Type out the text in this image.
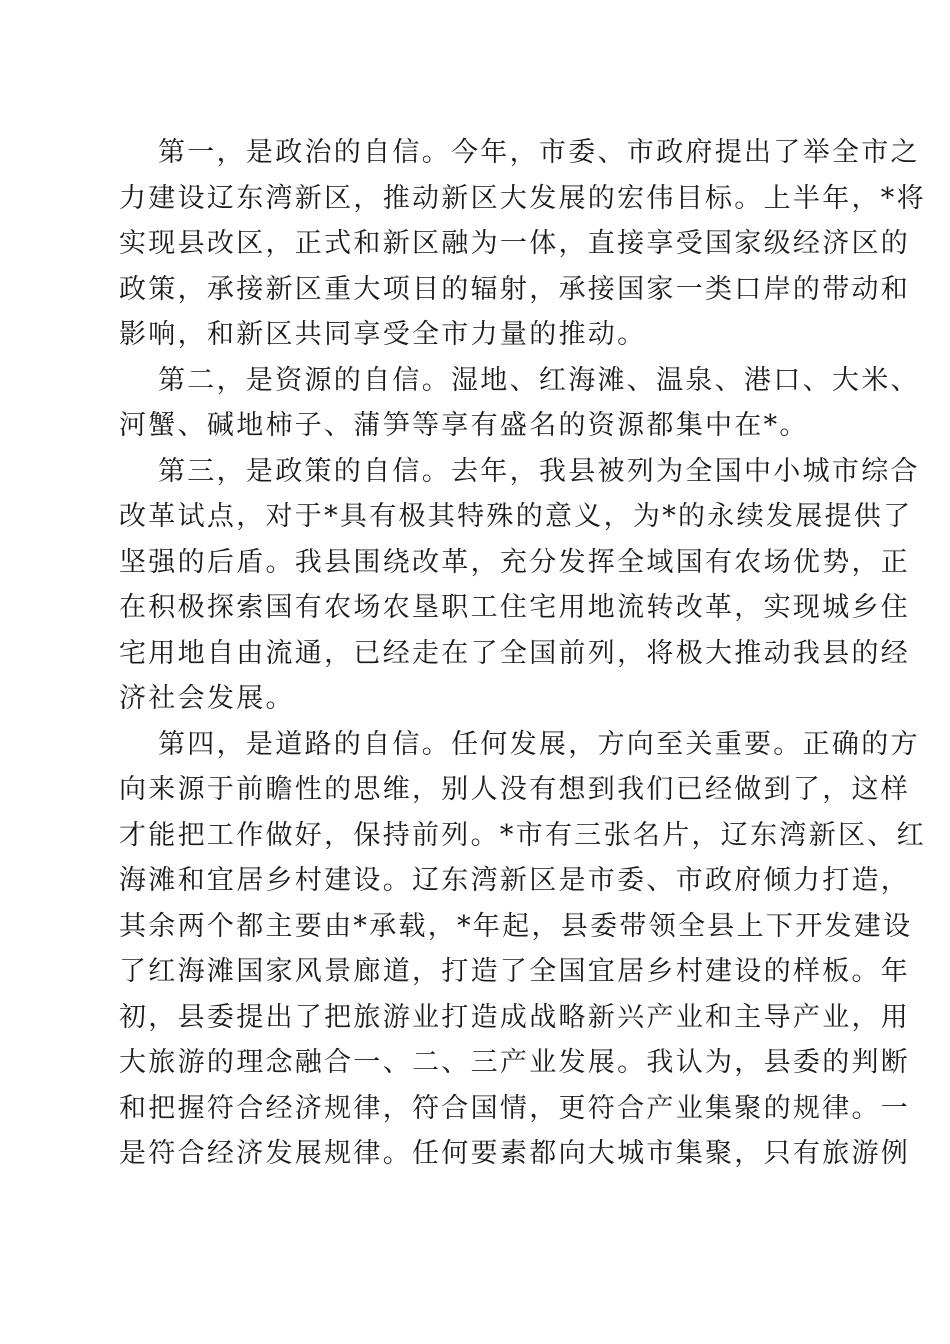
第一，是政治的自信。今年，市委、市政府提出了举全市之
力建设辽东湾新区，推动新区大发展的宏伟目标。上半年，*将
实现县改区，正式和新区融为一体，直接享受国家级经济区的
政策，承接新区重大项目的辐射，承接国家一类口岸的带动和
影响，和新区共同享受全市力量的推动。
第二，是资源的自信。湿地、红海滩、温泉、港口、大米、
河蟹、碱地柿子、蒲笋等享有盛名的资源都集中在*。
第三，是政策的自信。去年，我县被列为全国中小城市综合
改革试点，对于*具有极其特殊的意义，为*的永续发展提供了
坚强的后盾。我县围绕改革，充分发挥全域国有农场优势，正
在积极探索国有农场农垦职工住宅用地流转改革，实现城乡住
宅用地自由流通，已经走在了全国前列，将极大推动我县的经
济社会发展。
第四，是道路的自信。任何发展，方向至关重要。正确的方
向来源于前瞻性的思维，别人没有想到我们已经做到了，这样
才能把工作做好，保持前列。*市有三张名片，辽东湾新区、红
海滩和宜居乡村建设。辽东湾新区是市委、市政府倾力打造，
其余两个都主要由*承载，*年起，县委带领全县上下开发建设
了红海滩国家风景廊道，打造了全国宜居乡村建设的样板。年
初，县委提出了把旅游业打造成战略新兴产业和主导产业，用
大旅游的理念融合一、二、三产业发展。我认为，县委的判断
和把握符合经济规律，符合国情，更符合产业集聚的规律。一
是符合经济发展规律。任何要素都向大城市集聚，只有旅游例
